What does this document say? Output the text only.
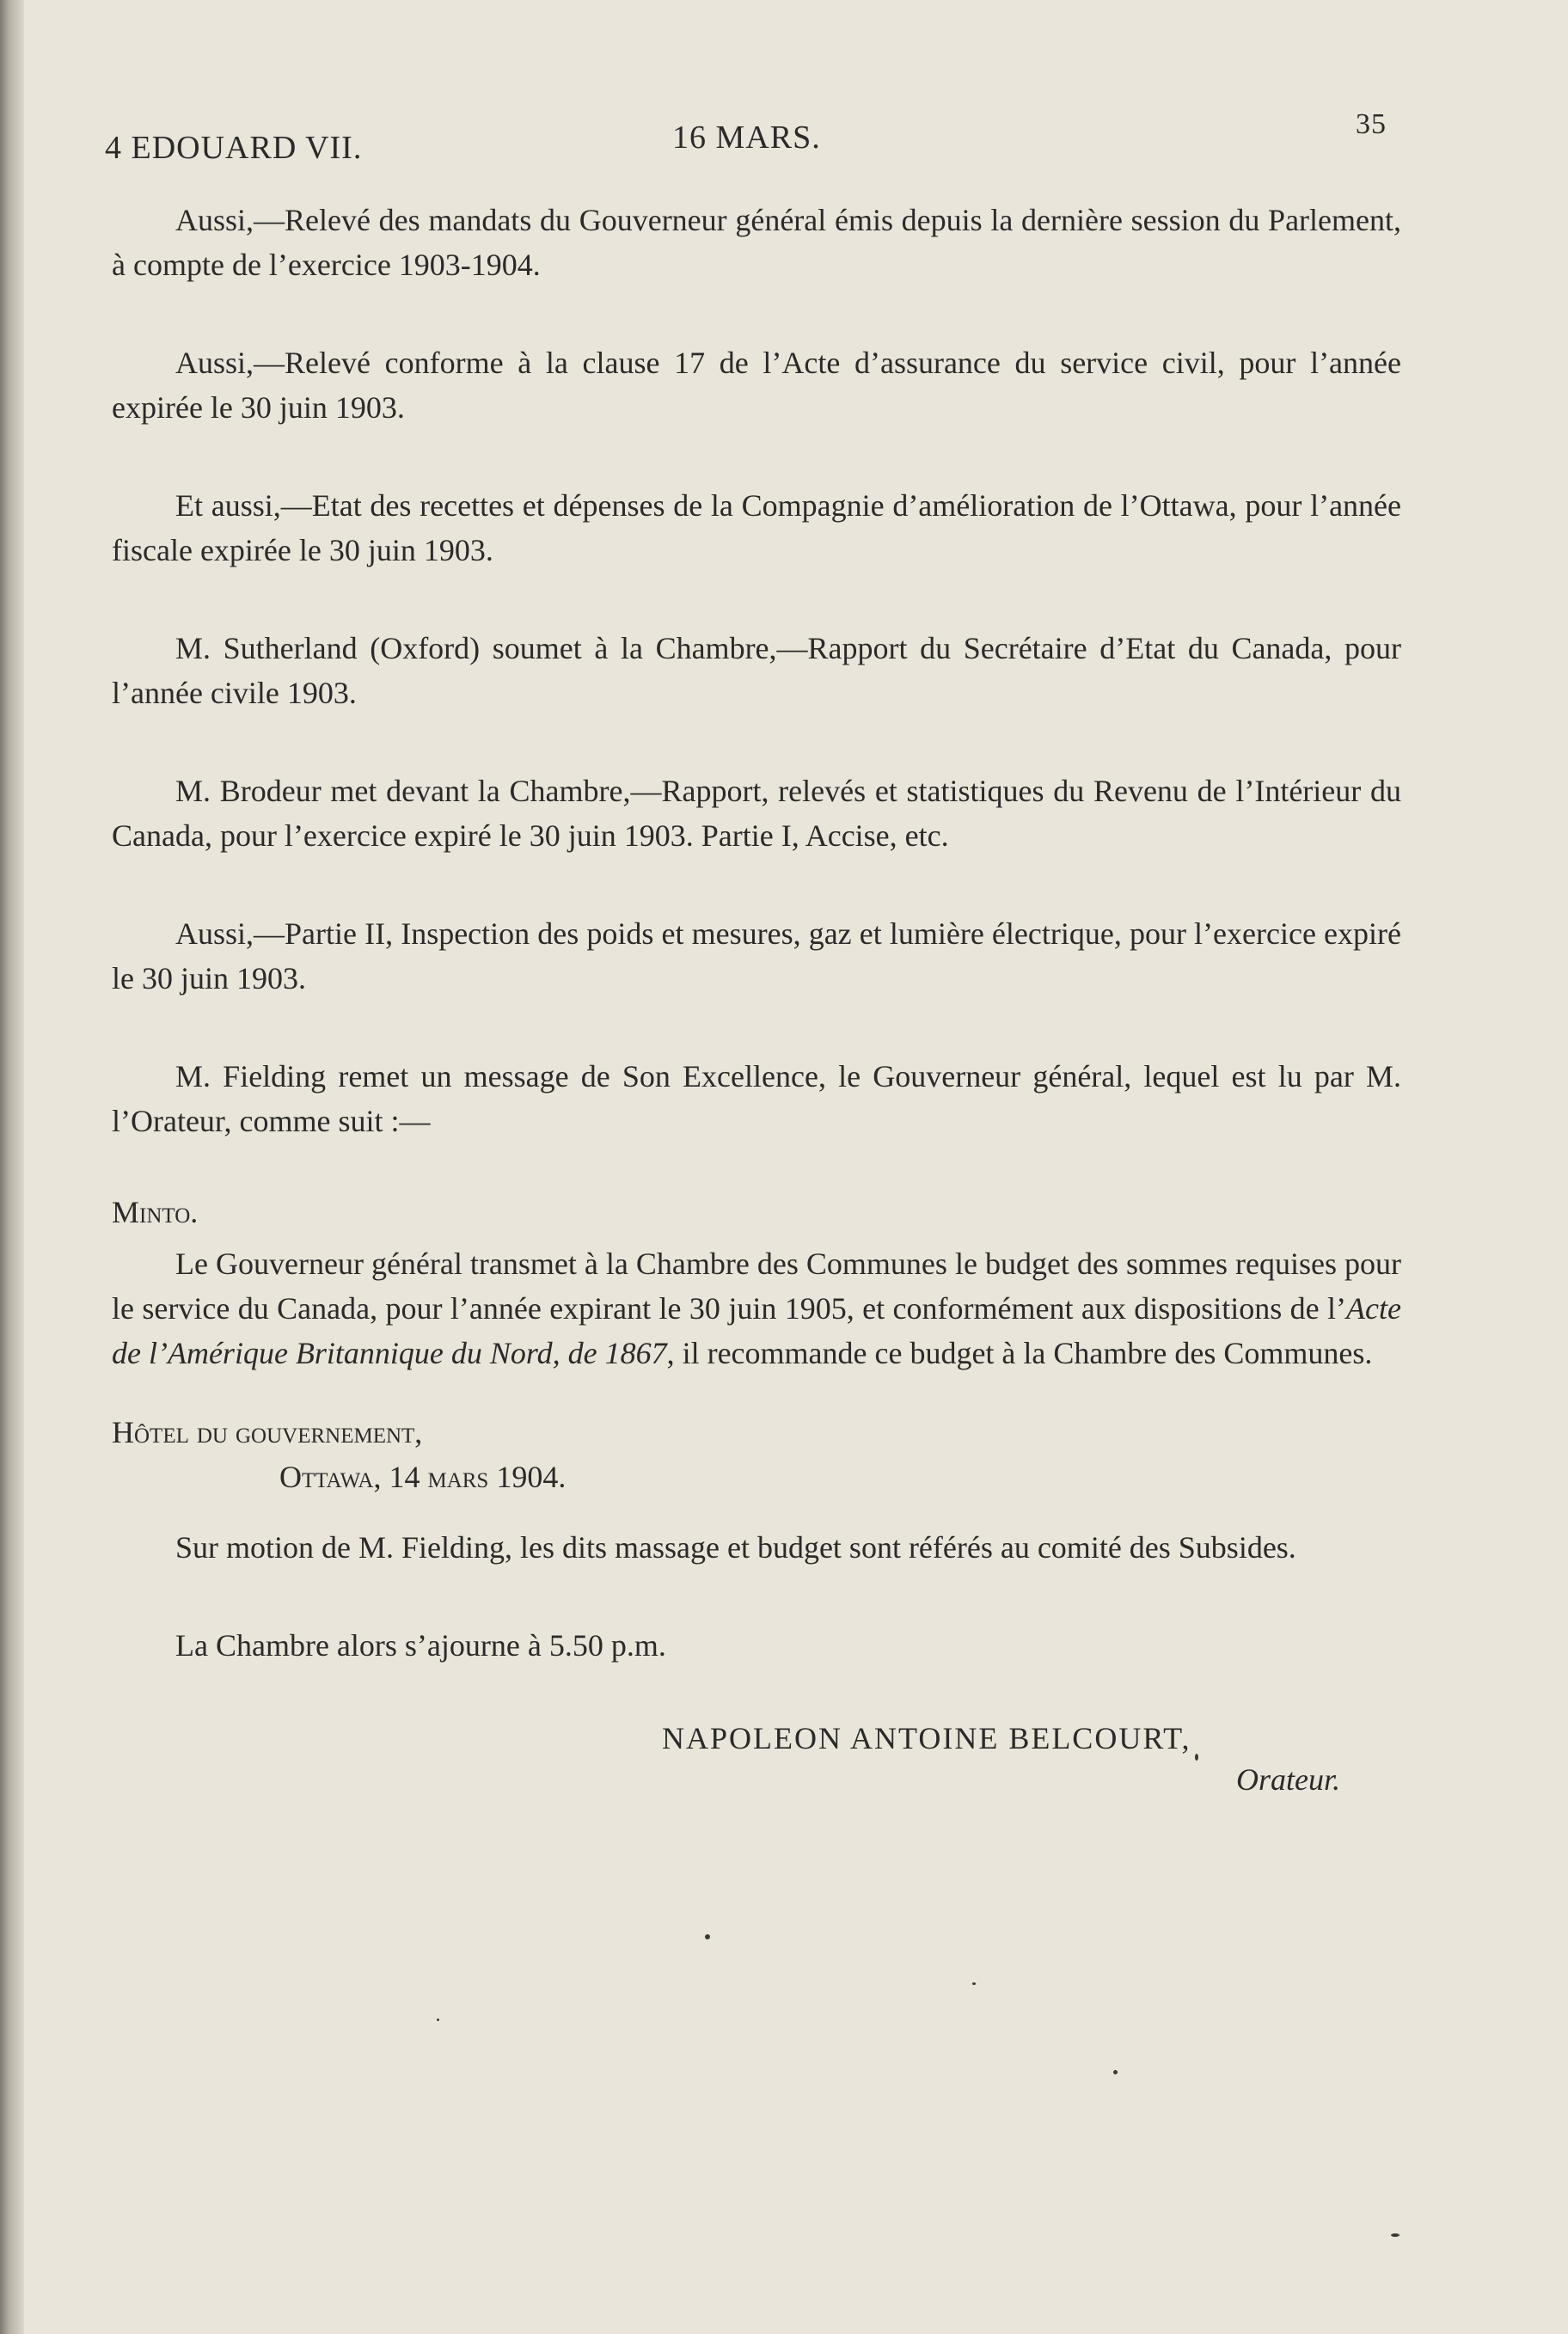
4 EDOUARD VII.	16 MARS.	35

Aussi,—Relevé des mandats du Gouverneur général émis depuis la dernière session du Parlement, à compte de l’exercice 1903-1904.

Aussi,—Relevé conforme à la clause 17 de l’Acte d’assurance du service civil, pour l’année expirée le 30 juin 1903.

Et aussi,—Etat des recettes et dépenses de la Compagnie d’amélioration de l’Ottawa, pour l’année fiscale expirée le 30 juin 1903.

M. Sutherland (Oxford) soumet à la Chambre,—Rapport du Secrétaire d’Etat du Canada, pour l’année civile 1903.

M. Brodeur met devant la Chambre,—Rapport, relevés et statistiques du Revenu de l’Intérieur du Canada, pour l’exercice expiré le 30 juin 1903. Partie I, Accise, etc.

Aussi,—Partie II, Inspection des poids et mesures, gaz et lumière électrique, pour l’exercice expiré le 30 juin 1903.

M. Fielding remet un message de Son Excellence, le Gouverneur général, lequel est lu par M. l’Orateur, comme suit :—

Minto.

Le Gouverneur général transmet à la Chambre des Communes le budget des sommes requises pour le service du Canada, pour l’année expirant le 30 juin 1905, et conformément aux dispositions de l’Acte de l’Amérique Britannique du Nord, de 1867, il recommande ce budget à la Chambre des Communes.

Hôtel du gouvernement,

Ottawa, 14 mars 1904.

Sur motion de M. Fielding, les dits massage et budget sont référés au comité des Subsides.

La Chambre alors s’ajourne à 5.50 p.m.

NAPOLEON ANTOINE BELCOURT,
Orateur.
